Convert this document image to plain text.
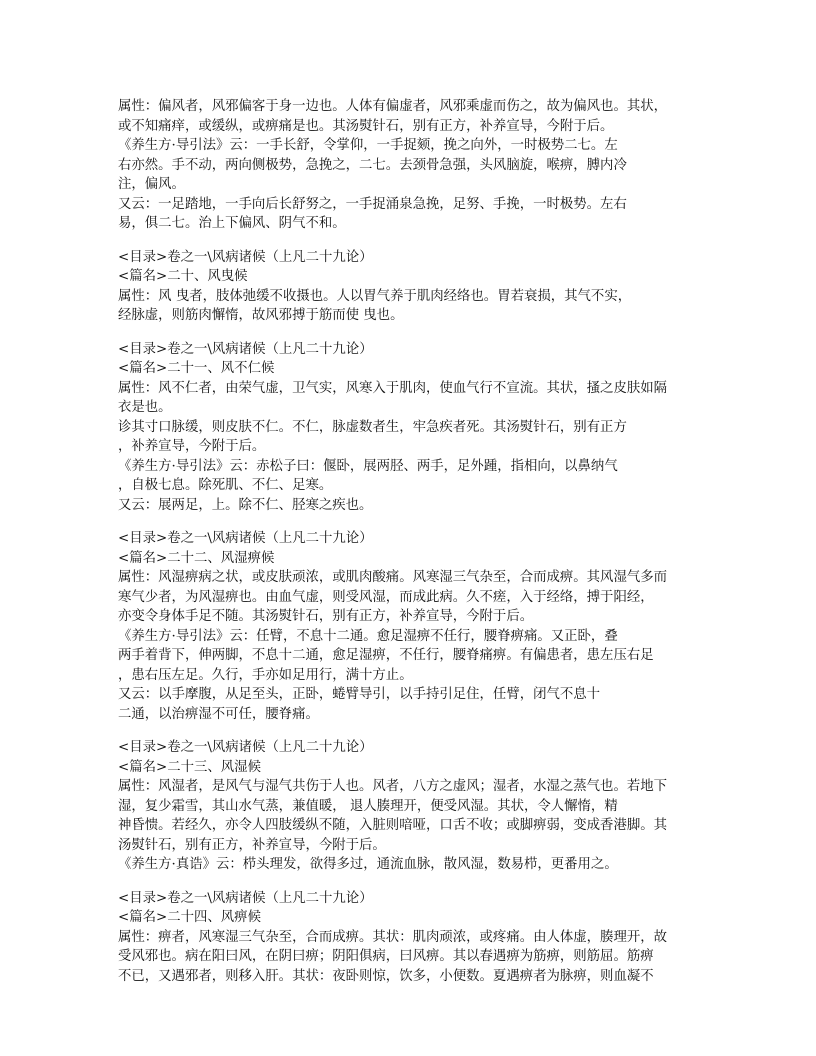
属性：偏风者，风邪偏客于身一边也。人体有偏虚者，风邪乘虚而伤之，故为偏风也。其状，
或不知痛痒，或缓纵，或痹痛是也。其汤熨针石，别有正方，补养宣导，今附于后。
《养生方·导引法》云：一手长舒，令掌仰，一手捉颏，挽之向外，一时极势二七。左
右亦然。手不动，两向侧极势，急挽之，二七。去颈骨急强，头风脑旋，喉痹，膊内冷
注，偏风。
又云：一足踏地，一手向后长舒努之，一手捉涌泉急挽，足努、手挽，一时极势。左右
易，俱二七。治上下偏风、阴气不和。
<目录>卷之一\风病诸候（上凡二十九论）
<篇名>二十、风曳候
属性：风 曳者，肢体弛缓不收摄也。人以胃气养于肌肉经络也。胃若衰损，其气不实，
经脉虚，则筋肉懈惰，故风邪搏于筋而使 曳也。
<目录>卷之一\风病诸候（上凡二十九论）
<篇名>二十一、风不仁候
属性：风不仁者，由荣气虚，卫气实，风寒入于肌肉，使血气行不宣流。其状，搔之皮肤如隔
衣是也。
诊其寸口脉缓，则皮肤不仁。不仁，脉虚数者生，牢急疾者死。其汤熨针石，别有正方
，补养宣导，今附于后。
《养生方·导引法》云：赤松子曰：偃卧，展两胫、两手，足外踵，指相向，以鼻纳气
，自极七息。除死肌、不仁、足寒。
又云：展两足，上。除不仁、胫寒之疾也。
<目录>卷之一\风病诸候（上凡二十九论）
<篇名>二十二、风湿痹候
属性：风湿痹病之状，或皮肤顽浓，或肌肉酸痛。风寒湿三气杂至，合而成痹。其风湿气多而
寒气少者，为风湿痹也。由血气虚，则受风湿，而成此病。久不瘥，入于经络，搏于阳经，
亦变令身体手足不随。其汤熨针石，别有正方，补养宣导，今附于后。
《养生方·导引法》云：任臂，不息十二通。愈足湿痹不任行，腰脊痹痛。又正卧，叠
两手着背下，伸两脚，不息十二通，愈足湿痹，不任行，腰脊痛痹。有偏患者，患左压右足
，患右压左足。久行，手亦如足用行，满十方止。
又云：以手摩腹，从足至头，正卧，蜷臂导引，以手持引足住，任臂，闭气不息十
二通，以治痹湿不可任，腰脊痛。
<目录>卷之一\风病诸候（上凡二十九论）
<篇名>二十三、风湿候
属性：风湿者，是风气与湿气共伤于人也。风者，八方之虚风；湿者，水湿之蒸气也。若地下
湿，复少霜雪，其山水气蒸，兼值暖， 退人腠理开，便受风湿。其状，令人懈惰，精
神昏愦。若经久，亦令人四肢缓纵不随，入脏则喑哑，口舌不收；或脚痹弱，变成香港脚。其
汤熨针石，别有正方，补养宣导，今附于后。
《养生方·真诰》云：栉头理发，欲得多过，通流血脉，散风湿，数易栉，更番用之。
<目录>卷之一\风病诸候（上凡二十九论）
<篇名>二十四、风痹候
属性：痹者，风寒湿三气杂至，合而成痹。其状：肌肉顽浓，或疼痛。由人体虚，腠理开，故
受风邪也。病在阳曰风，在阴曰痹；阴阳俱病，曰风痹。其以春遇痹为筋痹，则筋屈。筋痹
不已，又遇邪者，则移入肝。其状：夜卧则惊，饮多，小便数。夏遇痹者为脉痹，则血凝不
